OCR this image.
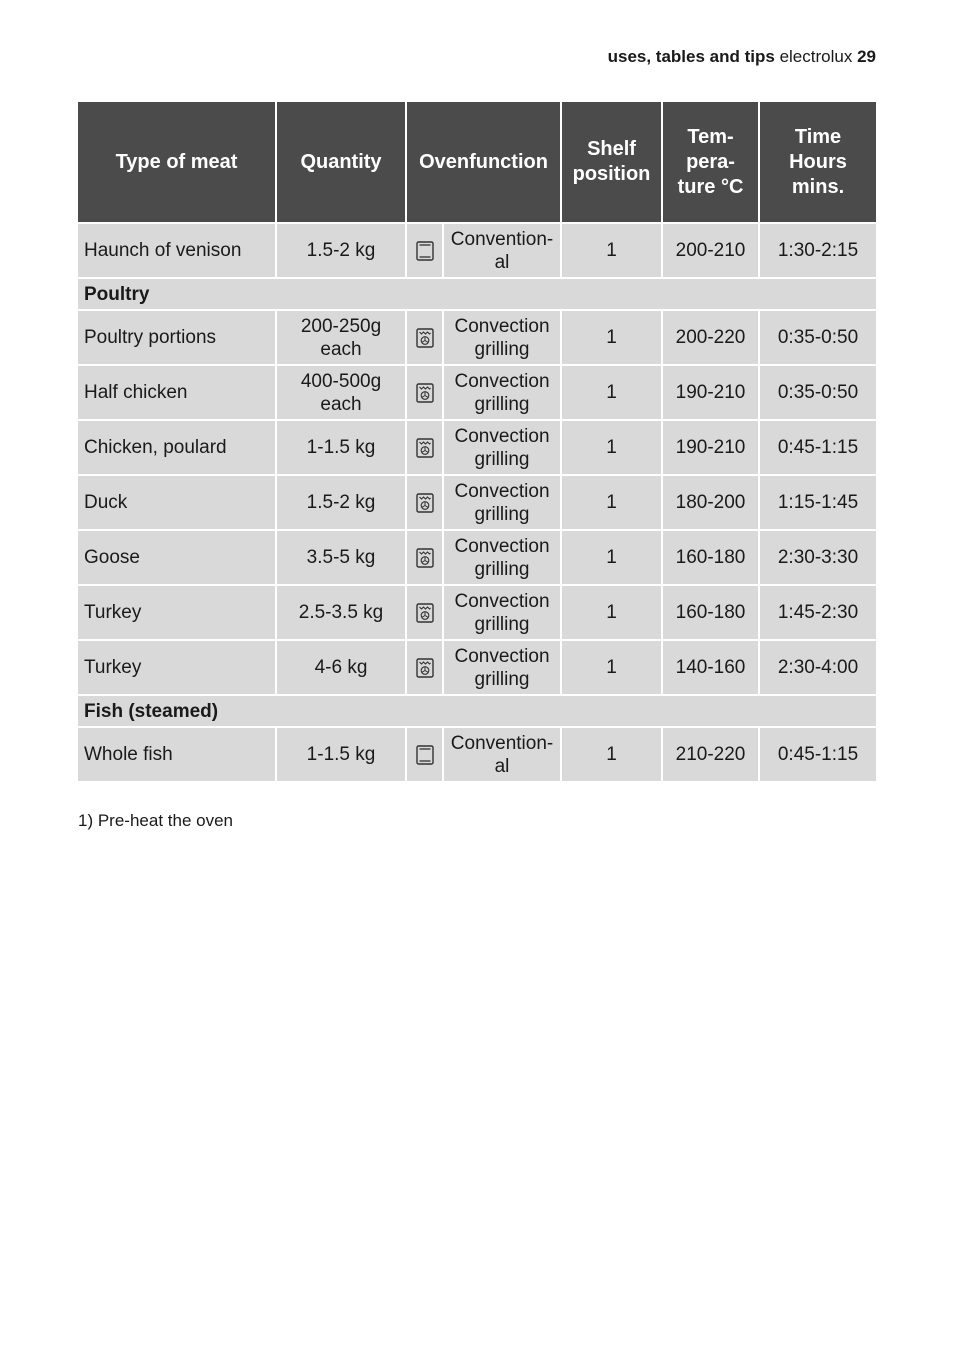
uses, tables and tips electrolux 29
Type of meat	Quantity	Ovenfunction		Shelf position	Tem- pera- ture °C	Time Hours mins.
Haunch of venison	1.5-2 kg		Convention- al	1	200-210	1:30-2:15
Poultry						
Poultry portions	200-250g each		Convection grilling	1	200-220	0:35-0:50
Half chicken	400-500g each		Convection grilling	1	190-210	0:35-0:50
Chicken, poulard	1-1.5 kg		Convection grilling	1	190-210	0:45-1:15
Duck	1.5-2 kg		Convection grilling	1	180-200	1:15-1:45
Goose	3.5-5 kg		Convection grilling	1	160-180	2:30-3:30
Turkey	2.5-3.5 kg		Convection grilling	1	160-180	1:45-2:30
Turkey	4-6 kg		Convection grilling	1	140-160	2:30-4:00
Fish (steamed)						
Whole fish	1-1.5 kg		Convention- al	1	210-220	0:45-1:15
1) Pre-heat the oven
